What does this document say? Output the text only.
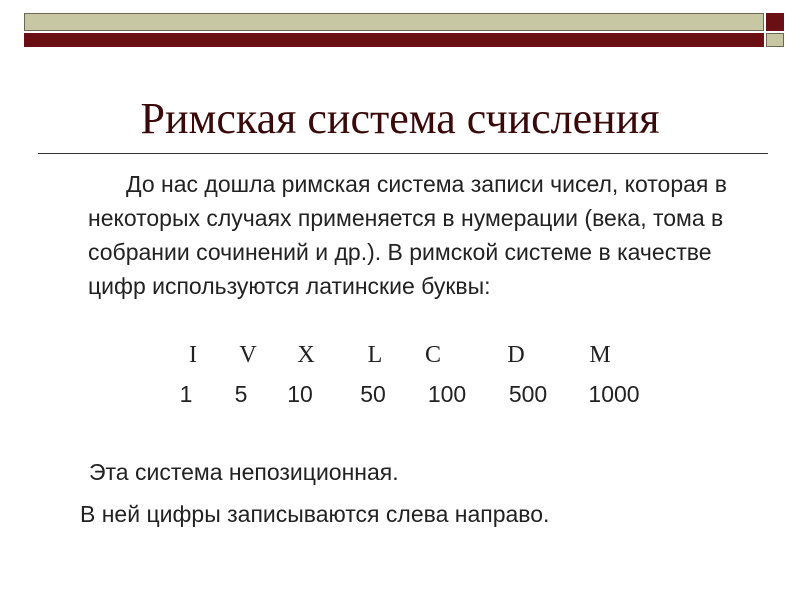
Римская система счисления

До нас дошла римская система записи чисел, которая в некоторых случаях применяется в нумерации (века, тома в собрании сочинений и др.). В римской системе в качестве цифр используются латинские буквы:

I V X L C	D	M
1 5 10 50 100 500 1000

Эта система непозиционная.

В ней цифры записываются слева направо.
